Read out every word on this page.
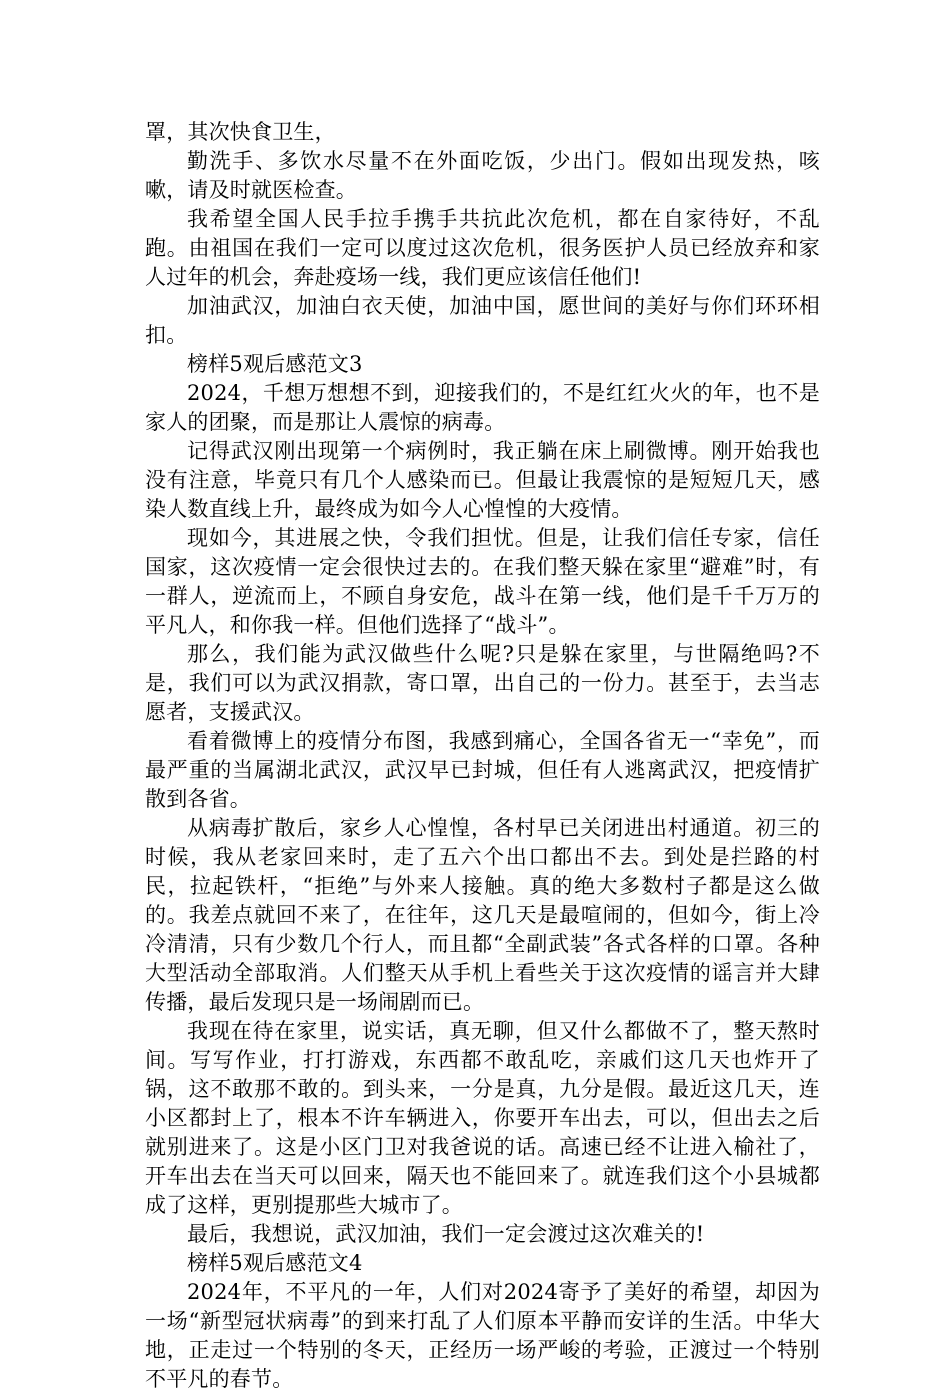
罩，其次快食卫生，

勤洗手、多饮水尽量不在外面吃饭，少出门。假如出现发热，咳嗽，请及时就医检查。

我希望全国人民手拉手携手共抗此次危机，都在自家待好，不乱跑。由祖国在我们一定可以度过这次危机，很务医护人员已经放弃和家人过年的机会，奔赴疫场一线，我们更应该信任他们!

加油武汉，加油白衣天使，加油中国，愿世间的美好与你们环环相扣。

榜样5观后感范文3

2024，千想万想想不到，迎接我们的，不是红红火火的年，也不是家人的团聚，而是那让人震惊的病毒。

记得武汉刚出现第一个病例时，我正躺在床上刷微博。刚开始我也没有注意，毕竟只有几个人感染而已。但最让我震惊的是短短几天，感染人数直线上升，最终成为如今人心惶惶的大疫情。

现如今，其进展之快，令我们担忧。但是，让我们信任专家，信任国家，这次疫情一定会很快过去的。在我们整天躲在家里“避难”时，有一群人，逆流而上，不顾自身安危，战斗在第一线，他们是千千万万的平凡人，和你我一样。但他们选择了“战斗”。

那么，我们能为武汉做些什么呢?只是躲在家里，与世隔绝吗?不是，我们可以为武汉捐款，寄口罩，出自己的一份力。甚至于，去当志愿者，支援武汉。

看着微博上的疫情分布图，我感到痛心，全国各省无一“幸免”，而最严重的当属湖北武汉，武汉早已封城，但任有人逃离武汉，把疫情扩散到各省。

从病毒扩散后，家乡人心惶惶，各村早已关闭进出村通道。初三的时候，我从老家回来时，走了五六个出口都出不去。到处是拦路的村民，拉起铁杆，“拒绝”与外来人接触。真的绝大多数村子都是这么做的。我差点就回不来了，在往年，这几天是最喧闹的，但如今，街上冷冷清清，只有少数几个行人，而且都“全副武装”各式各样的口罩。各种大型活动全部取消。人们整天从手机上看些关于这次疫情的谣言并大肆传播，最后发现只是一场闹剧而已。

我现在待在家里，说实话，真无聊，但又什么都做不了，整天熬时间。写写作业，打打游戏，东西都不敢乱吃，亲戚们这几天也炸开了锅，这不敢那不敢的。到头来，一分是真，九分是假。最近这几天，连小区都封上了，根本不许车辆进入，你要开车出去，可以，但出去之后就别进来了。这是小区门卫对我爸说的话。高速已经不让进入榆社了，开车出去在当天可以回来，隔天也不能回来了。就连我们这个小县城都成了这样，更别提那些大城市了。

最后，我想说，武汉加油，我们一定会渡过这次难关的!

榜样5观后感范文4

2024年，不平凡的一年，人们对2024寄予了美好的希望，却因为一场“新型冠状病毒”的到来打乱了人们原本平静而安详的生活。中华大地，正走过一个特别的冬天，正经历一场严峻的考验，正渡过一个特别不平凡的春节。
